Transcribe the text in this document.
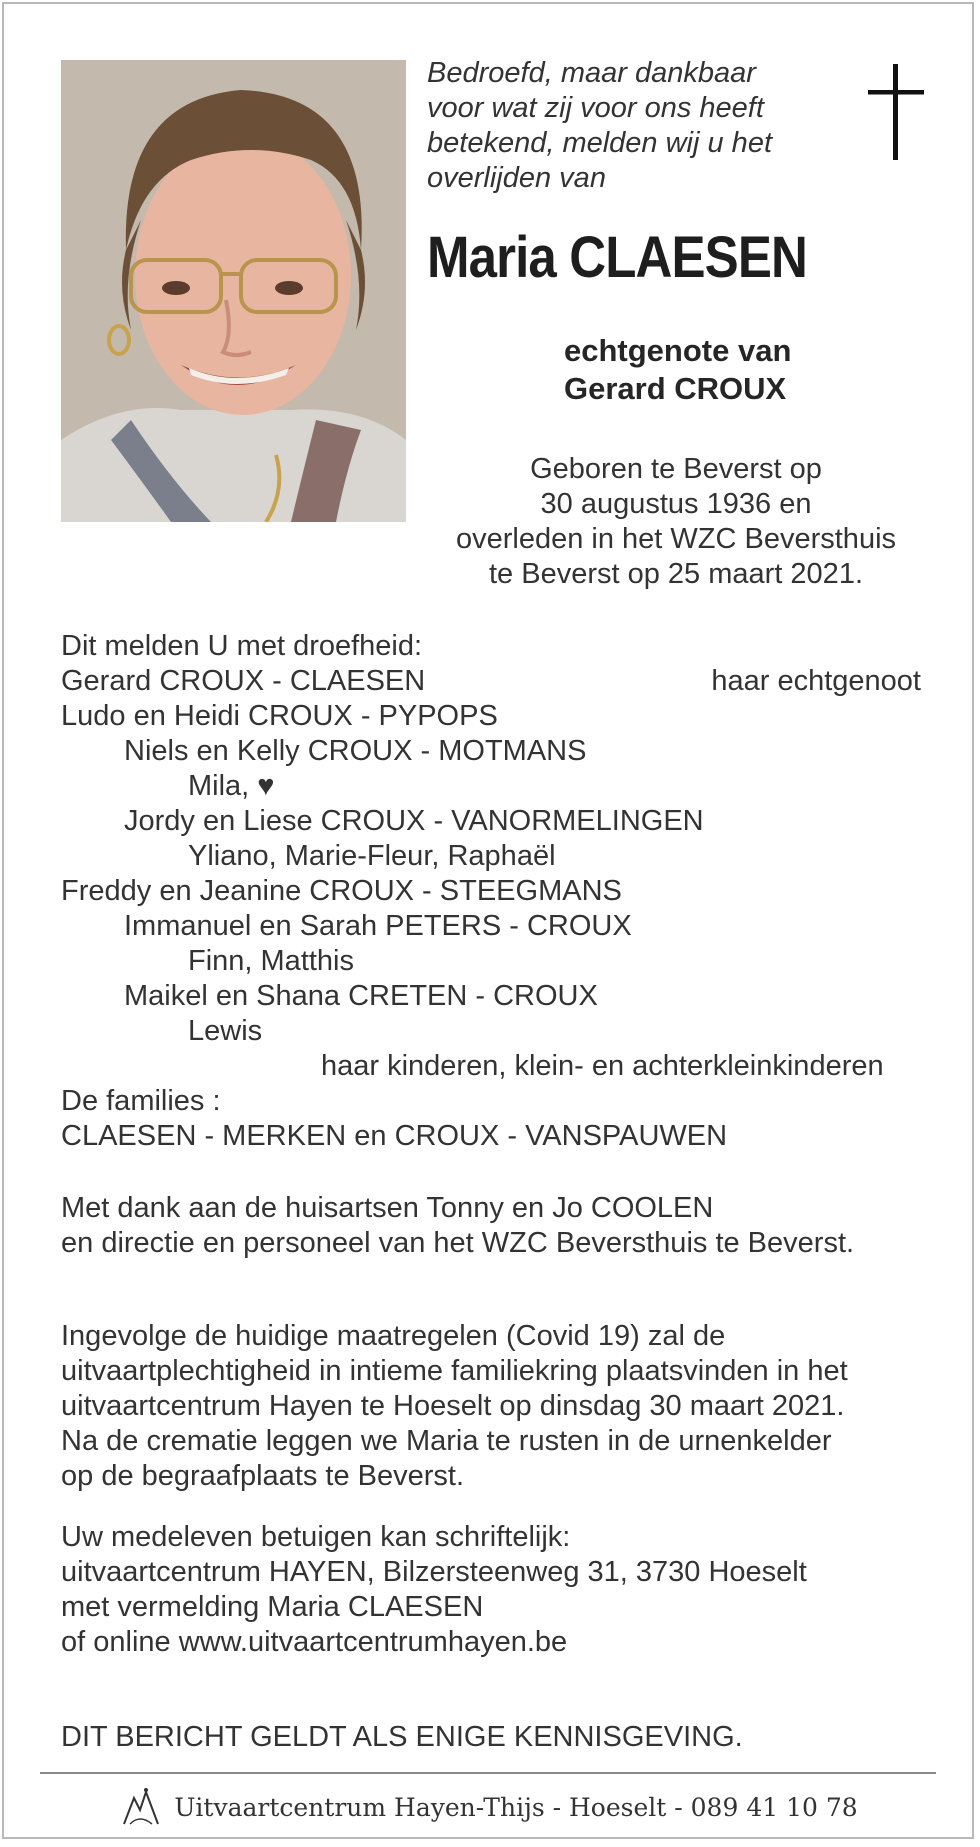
Bedroefd, maar dankbaar
voor wat zij voor ons heeft
betekend, melden wij u het
overlijden van
Maria CLAESEN
echtgenote van
Gerard CROUX
Geboren te Beverst op
30 augustus 1936 en
overleden in het WZC Beversthuis
te Beverst op 25 maart 2021.
Dit melden U met droefheid:
Gerard CROUX - CLAESEN	haar echtgenoot
Ludo en Heidi CROUX - PYPOPS
Niels en Kelly CROUX - MOTMANS
Mila, ♥
Jordy en Liese CROUX - VANORMELINGEN
Yliano, Marie-Fleur, Raphaël
Freddy en Jeanine CROUX - STEEGMANS
Immanuel en Sarah PETERS - CROUX
Finn, Matthis
Maikel en Shana CRETEN - CROUX
Lewis
haar kinderen, klein- en achterkleinkinderen
De families :
CLAESEN - MERKEN en CROUX - VANSPAUWEN
Met dank aan de huisartsen Tonny en Jo COOLEN
en directie en personeel van het WZC Beversthuis te Beverst.
Ingevolge de huidige maatregelen (Covid 19) zal de
uitvaartplechtigheid in intieme familiekring plaatsvinden in het
uitvaartcentrum Hayen te Hoeselt op dinsdag 30 maart 2021.
Na de crematie leggen we Maria te rusten in de urnenkelder
op de begraafplaats te Beverst.
Uw medeleven betuigen kan schriftelijk:
uitvaartcentrum HAYEN, Bilzersteenweg 31, 3730 Hoeselt
met vermelding Maria CLAESEN
of online www.uitvaartcentrumhayen.be
DIT BERICHT GELDT ALS ENIGE KENNISGEVING.
Uitvaartcentrum Hayen-Thijs - Hoeselt - 089 41 10 78
